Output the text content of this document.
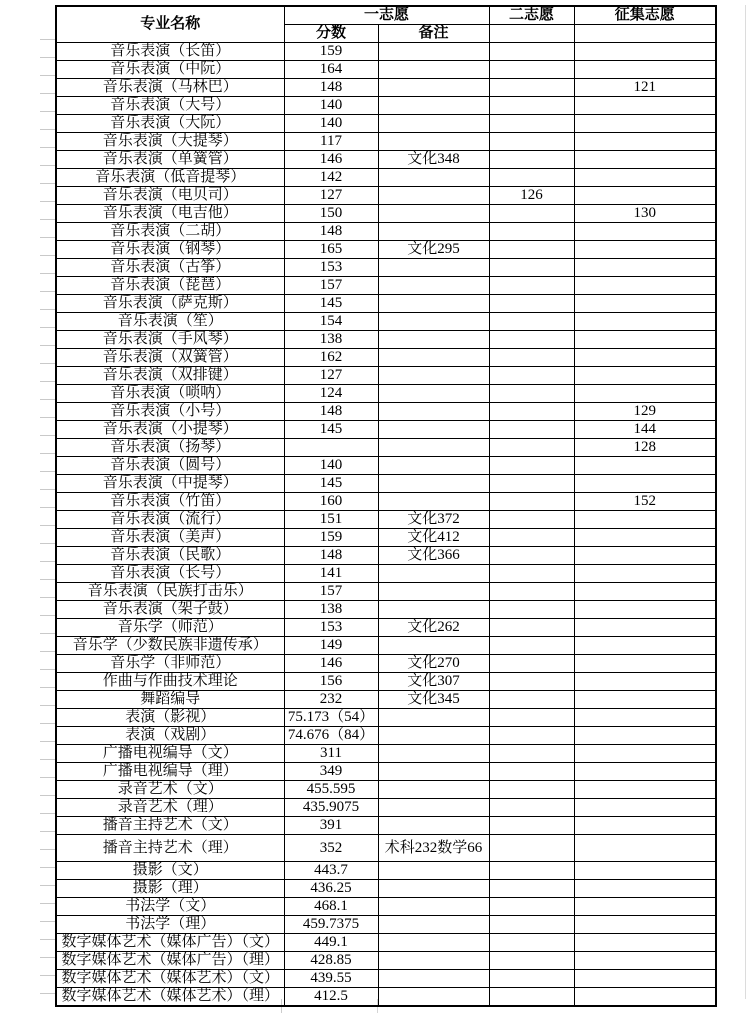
专业名称	一志愿		二志愿	征集志愿
	分数	备注		
音乐表演（长笛）	159			
音乐表演（中阮）	164			
音乐表演（马林巴）	148			121
音乐表演（大号）	140			
音乐表演（大阮）	140			
音乐表演（大提琴）	117			
音乐表演（单簧管）	146	文化348		
音乐表演（低音提琴）	142			
音乐表演（电贝司）	127		126	
音乐表演（电吉他）	150			130
音乐表演（二胡）	148			
音乐表演（钢琴）	165	文化295		
音乐表演（古筝）	153			
音乐表演（琵琶）	157			
音乐表演（萨克斯）	145			
音乐表演（笙）	154			
音乐表演（手风琴）	138			
音乐表演（双簧管）	162			
音乐表演（双排键）	127			
音乐表演（唢呐）	124			
音乐表演（小号）	148			129
音乐表演（小提琴）	145			144
音乐表演（扬琴）				128
音乐表演（圆号）	140			
音乐表演（中提琴）	145			
音乐表演（竹笛）	160			152
音乐表演（流行）	151	文化372		
音乐表演（美声）	159	文化412		
音乐表演（民歌）	148	文化366		
音乐表演（长号）	141			
音乐表演（民族打击乐）	157			
音乐表演（架子鼓）	138			
音乐学（师范）	153	文化262		
音乐学（少数民族非遗传承）	149			
音乐学（非师范）	146	文化270		
作曲与作曲技术理论	156	文化307		
舞蹈编导	232	文化345		
表演（影视）	75.173（54）			
表演（戏剧）	74.676（84）			
广播电视编导（文）	311			
广播电视编导（理）	349			
录音艺术（文）	455.595			
录音艺术（理）	435.9075			
播音主持艺术（文）	391			
播音主持艺术（理）	352	术科232数学66		
摄影（文）	443.7			
摄影（理）	436.25			
书法学（文）	468.1			
书法学（理）	459.7375			
数字媒体艺术（媒体广告）（文）	449.1			
数字媒体艺术（媒体广告）（理）	428.85			
数字媒体艺术（媒体艺术）（文）	439.55			
数字媒体艺术（媒体艺术）（理）	412.5			
